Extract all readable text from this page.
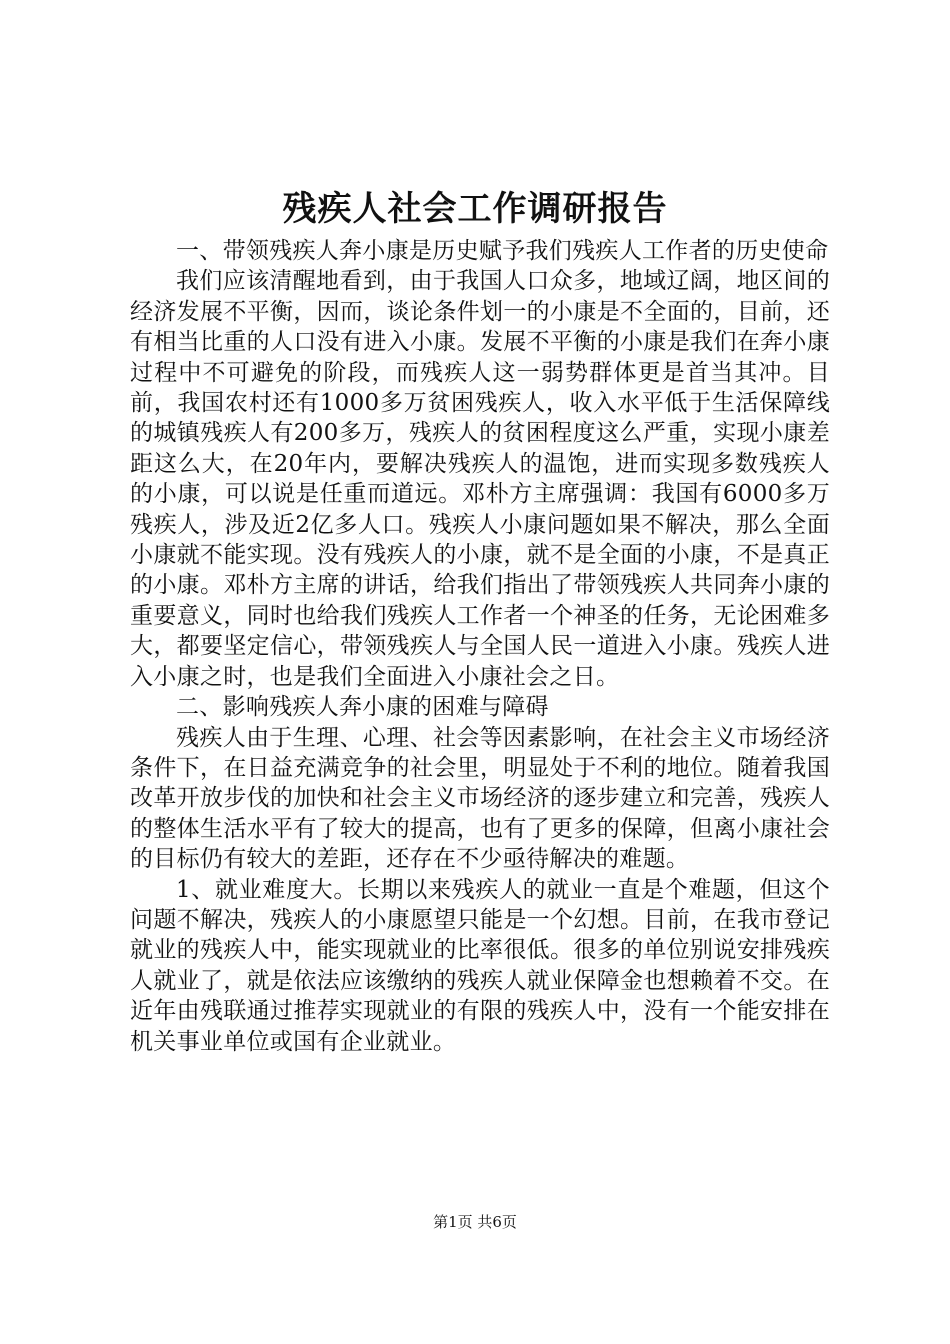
残疾人社会工作调研报告

一、带领残疾人奔小康是历史赋予我们残疾人工作者的历史使命

我们应该清醒地看到，由于我国人口众多，地域辽阔，地区间的经济发展不平衡，因而，谈论条件划一的小康是不全面的，目前，还有相当比重的人口没有进入小康。发展不平衡的小康是我们在奔小康过程中不可避免的阶段，而残疾人这一弱势群体更是首当其冲。目前，我国农村还有1000多万贫困残疾人，收入水平低于生活保障线的城镇残疾人有200多万，残疾人的贫困程度这么严重，实现小康差距这么大，在20年内，要解决残疾人的温饱，进而实现多数残疾人的小康，可以说是任重而道远。邓朴方主席强调：我国有6000多万残疾人，涉及近2亿多人口。残疾人小康问题如果不解决，那么全面小康就不能实现。没有残疾人的小康，就不是全面的小康，不是真正的小康。邓朴方主席的讲话，给我们指出了带领残疾人共同奔小康的重要意义，同时也给我们残疾人工作者一个神圣的任务，无论困难多大，都要坚定信心，带领残疾人与全国人民一道进入小康。残疾人进入小康之时，也是我们全面进入小康社会之日。

二、影响残疾人奔小康的困难与障碍

残疾人由于生理、心理、社会等因素影响，在社会主义市场经济条件下，在日益充满竞争的社会里，明显处于不利的地位。随着我国改革开放步伐的加快和社会主义市场经济的逐步建立和完善，残疾人的整体生活水平有了较大的提高，也有了更多的保障，但离小康社会的目标仍有较大的差距，还存在不少亟待解决的难题。

1、就业难度大。长期以来残疾人的就业一直是个难题，但这个问题不解决，残疾人的小康愿望只能是一个幻想。目前，在我市登记就业的残疾人中，能实现就业的比率很低。很多的单位别说安排残疾人就业了，就是依法应该缴纳的残疾人就业保障金也想赖着不交。在近年由残联通过推荐实现就业的有限的残疾人中，没有一个能安排在机关事业单位或国有企业就业。

第1页 共6页
